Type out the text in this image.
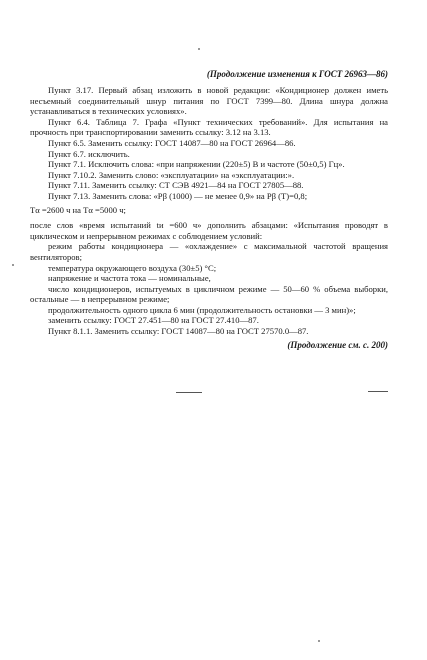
(Продолжение изменения к ГОСТ 26963—86)

Пункт 3.17. Первый абзац изложить в новой редакции: «Кондиционер должен иметь несъемный соединительный шнур питания по ГОСТ 7399—80. Длина шнура должна устанавливаться в технических условиях».

Пункт 6.4. Таблица 7. Графа «Пункт технических требований». Для испытания на прочность при транспортировании заменить ссылку: 3.12 на 3.13.

Пункт 6.5. Заменить ссылку: ГОСТ 14087—80 на ГОСТ 26964—86.

Пункт 6.7. исключить.

Пункт 7.1. Исключить слова: «при напряжении (220±5) В и частоте (50±0,5) Гц».

Пункт 7.10.2. Заменить слово: «эксплуатации» на «эксплуатации:».

Пункт 7.11. Заменить ссылку: СТ СЭВ 4921—84 на ГОСТ 27805—88.

Пункт 7.13. Заменить слова: «Pβ (1000) — не менее 0,9» на Pβ (T)=0,8;

Tα =2600 ч на Tα =5000 ч;

после слов «время испытаний tи =600 ч» дополнить абзацами: «Испытания проводят в циклическом и непрерывном режимах с соблюдением условий:

режим работы кондиционера — «охлаждение» с максимальной частотой вращения вентиляторов;

температура окружающего воздуха (30±5) °С;

напряжение и частота тока — номинальные,

число кондиционеров, испытуемых в цикличном режиме — 50—60 % объема выборки, остальные — в непрерывном режиме;

продолжительность одного цикла 6 мин (продолжительность остановки — 3 мин)»;

заменить ссылку: ГОСТ 27.451—80 на ГОСТ 27.410—87.

Пункт 8.1.1. Заменить ссылку: ГОСТ 14087—80 на ГОСТ 27570.0—87.

(Продолжение см. с. 200)
